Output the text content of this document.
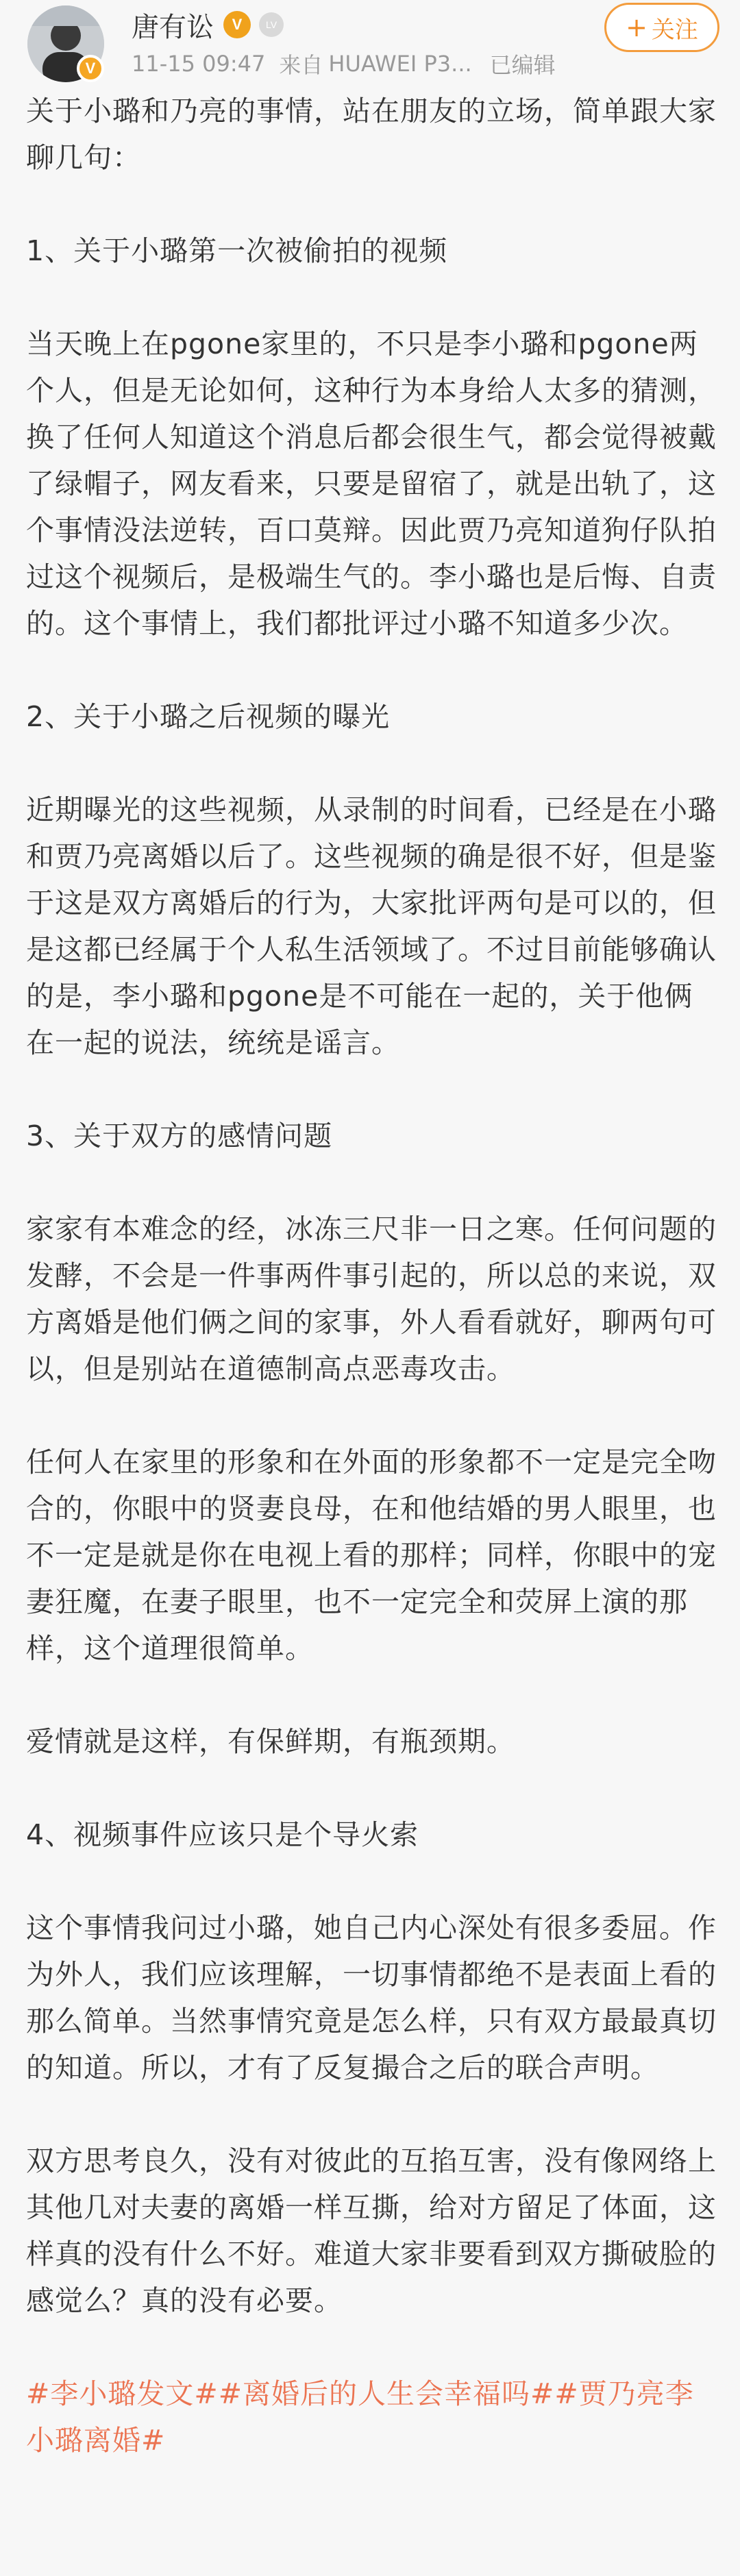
V
唐有讼	V	LV
11-15 09:47 来自 HUAWEI P3... 已编辑
+ 关注

关于小璐和乃亮的事情，站在朋友的立场，简单跟大家聊几句：

1、关于小璐第一次被偷拍的视频

当天晚上在pgone家里的，不只是李小璐和pgone两个人，但是无论如何，这种行为本身给人太多的猜测，换了任何人知道这个消息后都会很生气，都会觉得被戴了绿帽子，网友看来，只要是留宿了，就是出轨了，这个事情没法逆转，百口莫辩。因此贾乃亮知道狗仔队拍过这个视频后，是极端生气的。李小璐也是后悔、自责的。这个事情上，我们都批评过小璐不知道多少次。

2、关于小璐之后视频的曝光

近期曝光的这些视频，从录制的时间看，已经是在小璐和贾乃亮离婚以后了。这些视频的确是很不好，但是鉴于这是双方离婚后的行为，大家批评两句是可以的，但是这都已经属于个人私生活领域了。不过目前能够确认的是，李小璐和pgone是不可能在一起的，关于他俩在一起的说法，统统是谣言。

3、关于双方的感情问题

家家有本难念的经，冰冻三尺非一日之寒。任何问题的发酵，不会是一件事两件事引起的，所以总的来说，双方离婚是他们俩之间的家事，外人看看就好，聊两句可以，但是别站在道德制高点恶毒攻击。

任何人在家里的形象和在外面的形象都不一定是完全吻合的，你眼中的贤妻良母，在和他结婚的男人眼里，也不一定是就是你在电视上看的那样；同样，你眼中的宠妻狂魔，在妻子眼里，也不一定完全和荧屏上演的那样，这个道理很简单。

爱情就是这样，有保鲜期，有瓶颈期。

4、视频事件应该只是个导火索

这个事情我问过小璐，她自己内心深处有很多委屈。作为外人，我们应该理解，一切事情都绝不是表面上看的那么简单。当然事情究竟是怎么样，只有双方最最真切的知道。所以，才有了反复撮合之后的联合声明。

双方思考良久，没有对彼此的互掐互害，没有像网络上其他几对夫妻的离婚一样互撕，给对方留足了体面，这样真的没有什么不好。难道大家非要看到双方撕破脸的感觉么？真的没有必要。

#李小璐发文##离婚后的人生会幸福吗##贾乃亮李小璐离婚#
